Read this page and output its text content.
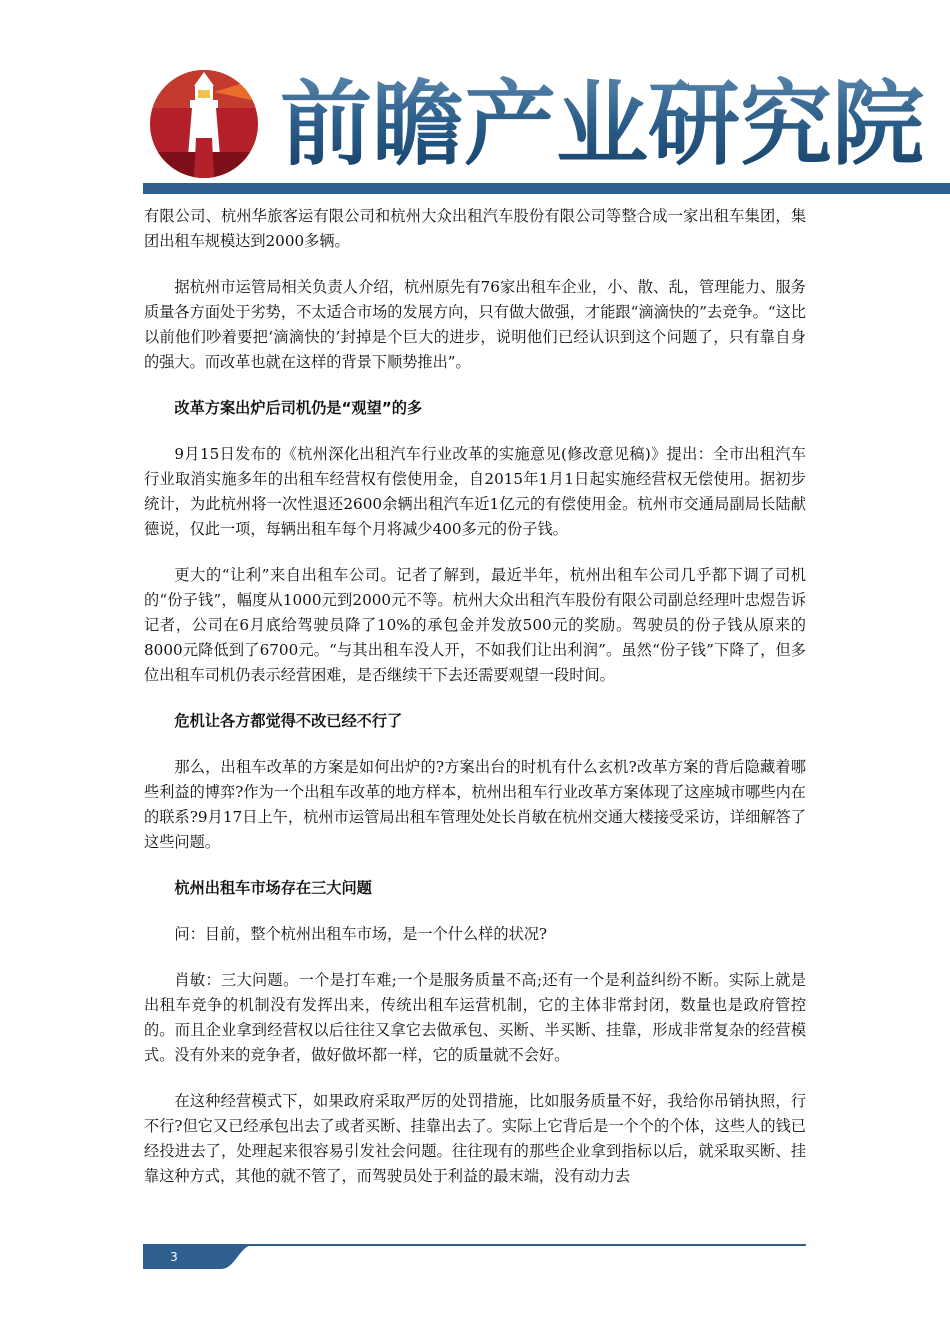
前瞻产业研究院

有限公司、杭州华旅客运有限公司和杭州大众出租汽车股份有限公司等整合成一家出租车集团，集团出租车规模达到2000多辆。

据杭州市运管局相关负责人介绍，杭州原先有76家出租车企业，小、散、乱，管理能力、服务质量各方面处于劣势，不太适合市场的发展方向，只有做大做强，才能跟“滴滴快的”去竞争。“这比以前他们吵着要把‘滴滴快的’封掉是个巨大的进步，说明他们已经认识到这个问题了，只有靠自身的强大。而改革也就在这样的背景下顺势推出”。

改革方案出炉后司机仍是“观望”的多

9月15日发布的《杭州深化出租汽车行业改革的实施意见(修改意见稿)》提出：全市出租汽车行业取消实施多年的出租车经营权有偿使用金，自2015年1月1日起实施经营权无偿使用。据初步统计，为此杭州将一次性退还2600余辆出租汽车近1亿元的有偿使用金。杭州市交通局副局长陆献德说，仅此一项，每辆出租车每个月将减少400多元的份子钱。

更大的“让利”来自出租车公司。记者了解到，最近半年，杭州出租车公司几乎都下调了司机的“份子钱”，幅度从1000元到2000元不等。杭州大众出租汽车股份有限公司副总经理叶忠煜告诉记者，公司在6月底给驾驶员降了10%的承包金并发放500元的奖励。驾驶员的份子钱从原来的8000元降低到了6700元。“与其出租车没人开，不如我们让出利润”。虽然“份子钱”下降了，但多位出租车司机仍表示经营困难，是否继续干下去还需要观望一段时间。

危机让各方都觉得不改已经不行了

那么，出租车改革的方案是如何出炉的?方案出台的时机有什么玄机?改革方案的背后隐藏着哪些利益的博弈?作为一个出租车改革的地方样本，杭州出租车行业改革方案体现了这座城市哪些内在的联系?9月17日上午，杭州市运管局出租车管理处处长肖敏在杭州交通大楼接受采访，详细解答了这些问题。

杭州出租车市场存在三大问题

问：目前，整个杭州出租车市场，是一个什么样的状况?

肖敏：三大问题。一个是打车难;一个是服务质量不高;还有一个是利益纠纷不断。实际上就是出租车竞争的机制没有发挥出来，传统出租车运营机制，它的主体非常封闭，数量也是政府管控的。而且企业拿到经营权以后往往又拿它去做承包、买断、半买断、挂靠，形成非常复杂的经营模式。没有外来的竞争者，做好做坏都一样，它的质量就不会好。

在这种经营模式下，如果政府采取严厉的处罚措施，比如服务质量不好，我给你吊销执照，行不行?但它又已经承包出去了或者买断、挂靠出去了。实际上它背后是一个个的个体，这些人的钱已经投进去了，处理起来很容易引发社会问题。往往现有的那些企业拿到指标以后，就采取买断、挂靠这种方式，其他的就不管了，而驾驶员处于利益的最末端，没有动力去

3
